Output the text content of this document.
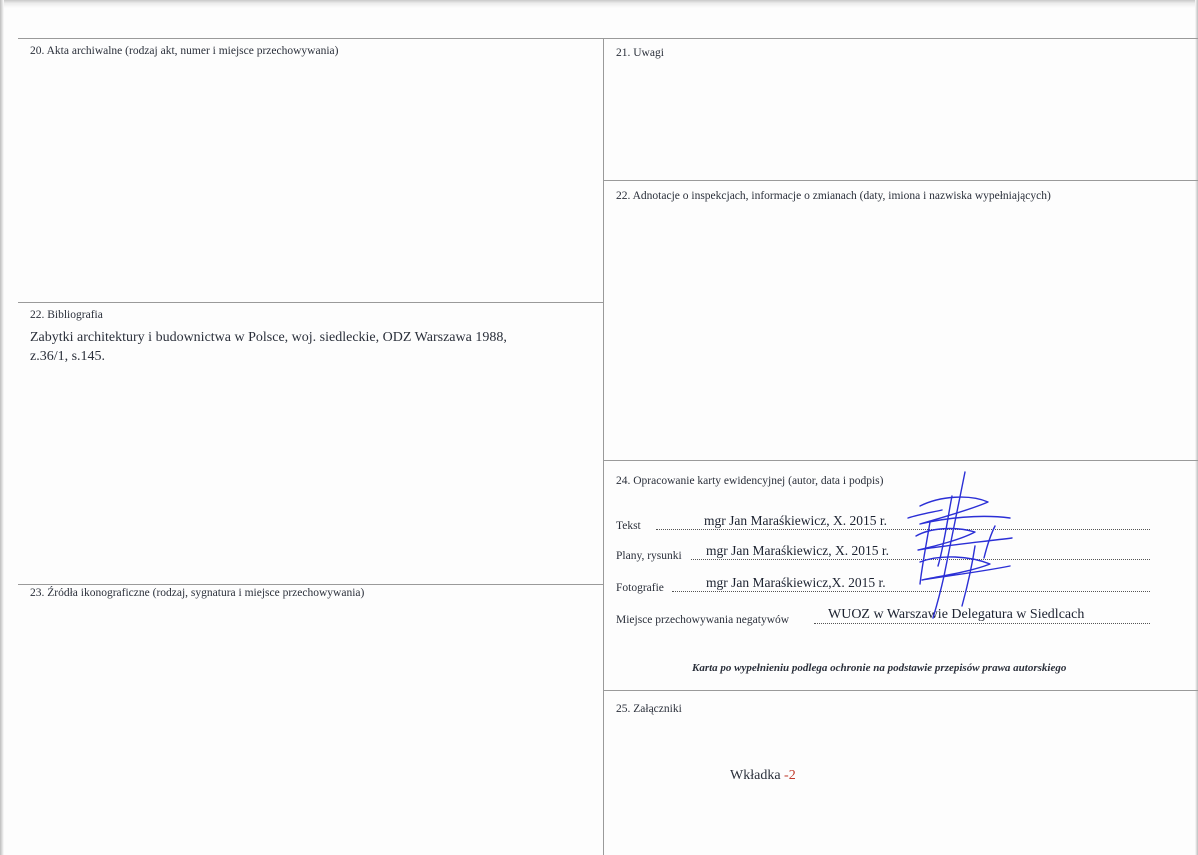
20. Akta archiwalne (rodzaj akt, numer i miejsce przechowywania)	21. Uwagi
22. Adnotacje o inspekcjach, informacje o zmianach (daty, imiona i nazwiska wypełniających)
22. Bibliografia
Zabytki architektury i budownictwa w Polsce, woj. siedleckie, ODZ Warszawa 1988,
z.36/1, s.145.
23. Źródła ikonograficzne (rodzaj, sygnatura i miejsce przechowywania)
24. Opracowanie karty ewidencyjnej (autor, data i podpis)
Tekst	mgr Jan Maraśkiewicz, X. 2015 r.
Plany, rysunki mgr Jan Maraśkiewicz, X. 2015 r.
Fotografie	mgr Jan Maraśkiewicz,X. 2015 r.
Miejsce przechowywania negatywów	WUOZ w Warszawie Delegatura w Siedlcach
Karta po wypełnieniu podlega ochronie na podstawie przepisów prawa autorskiego
25. Załączniki
Wkładka -2
